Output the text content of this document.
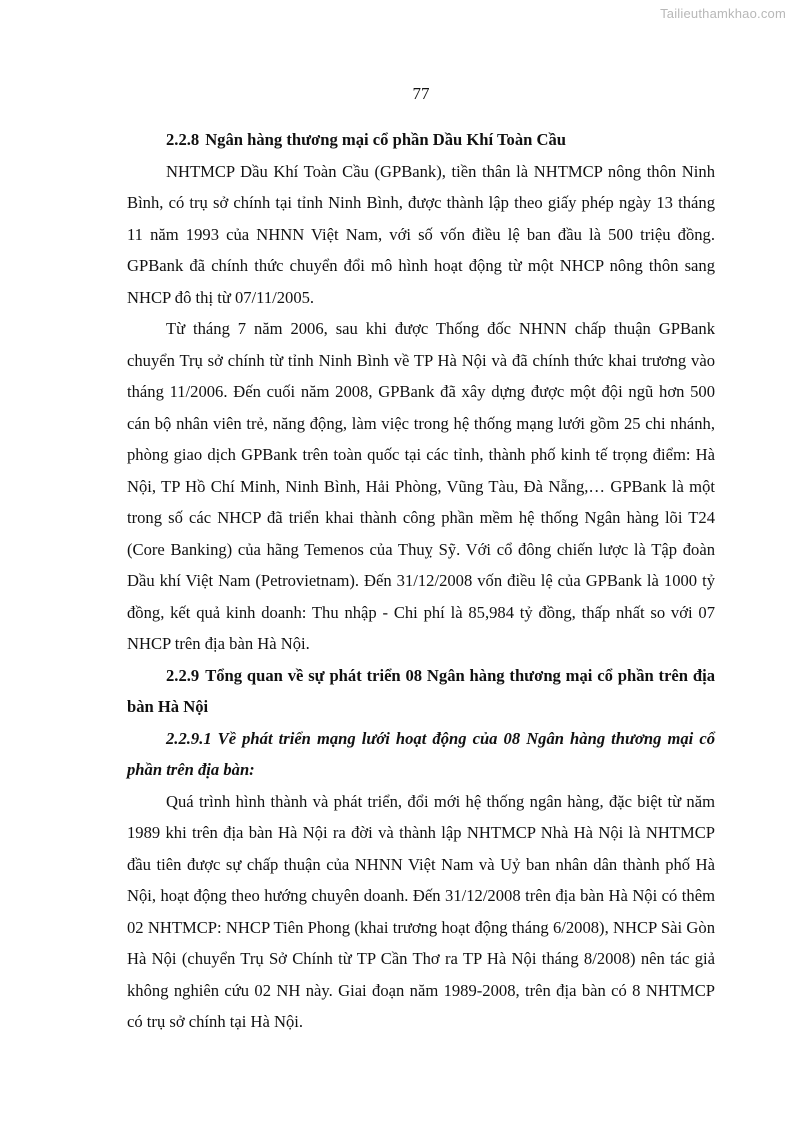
Tailieuthamkhao.com
77
2.2.8 Ngân hàng thương mại cổ phần Dầu Khí Toàn Cầu

NHTMCP Dầu Khí Toàn Cầu (GPBank), tiền thân là NHTMCP nông thôn Ninh Bình, có trụ sở chính tại tỉnh Ninh Bình, được thành lập theo giấy phép ngày 13 tháng 11 năm 1993 của NHNN Việt Nam, với số vốn điều lệ ban đầu là 500 triệu đồng. GPBank đã chính thức chuyển đổi mô hình hoạt động từ một NHCP nông thôn sang NHCP đô thị từ 07/11/2005.

Từ tháng 7 năm 2006, sau khi được Thống đốc NHNN chấp thuận GPBank chuyển Trụ sở chính từ tỉnh Ninh Bình về TP Hà Nội và đã chính thức khai trương vào tháng 11/2006. Đến cuối năm 2008, GPBank đã xây dựng được một đội ngũ hơn 500 cán bộ nhân viên trẻ, năng động, làm việc trong hệ thống mạng lưới gồm 25 chi nhánh, phòng giao dịch GPBank trên toàn quốc tại các tỉnh, thành phố kinh tế trọng điểm: Hà Nội, TP Hồ Chí Minh, Ninh Bình, Hải Phòng, Vũng Tàu, Đà Nẵng,… GPBank là một trong số các NHCP đã triển khai thành công phần mềm hệ thống Ngân hàng lõi T24 (Core Banking) của hãng Temenos của Thuỵ Sỹ. Với cổ đông chiến lược là Tập đoàn Dầu khí Việt Nam (Petrovietnam). Đến 31/12/2008 vốn điều lệ của GPBank là 1000 tỷ đồng, kết quả kinh doanh: Thu nhập - Chi phí là 85,984 tỷ đồng, thấp nhất so với 07 NHCP trên địa bàn Hà Nội.

2.2.9 Tổng quan về sự phát triển 08 Ngân hàng thương mại cổ phần trên địa bàn Hà Nội
2.2.9.1 Về phát triển mạng lưới hoạt động của 08 Ngân hàng thương mại cổ phần trên địa bàn:

Quá trình hình thành và phát triển, đổi mới hệ thống ngân hàng, đặc biệt từ năm 1989 khi trên địa bàn Hà Nội ra đời và thành lập NHTMCP Nhà Hà Nội là NHTMCP đầu tiên được sự chấp thuận của NHNN Việt Nam và Uỷ ban nhân dân thành phố Hà Nội, hoạt động theo hướng chuyên doanh. Đến 31/12/2008 trên địa bàn Hà Nội có thêm 02 NHTMCP: NHCP Tiên Phong (khai trương hoạt động tháng 6/2008), NHCP Sài Gòn Hà Nội (chuyển Trụ Sở Chính từ TP Cần Thơ ra TP Hà Nội tháng 8/2008) nên tác giả không nghiên cứu 02 NH này. Giai đoạn năm 1989-2008, trên địa bàn có 8 NHTMCP có trụ sở chính tại Hà Nội.
